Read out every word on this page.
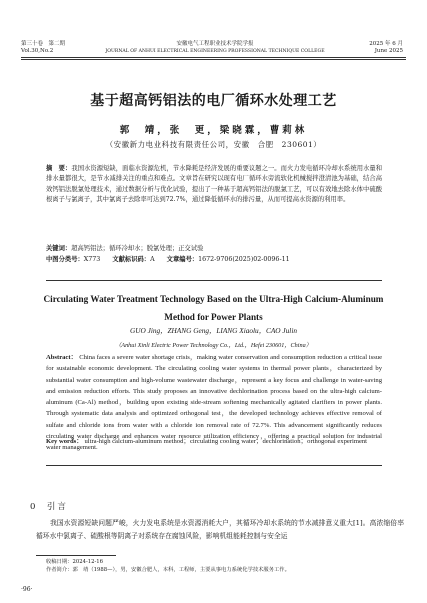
第三十卷　第二期
Vol.30,No.2
安徽电气工程职业技术学院学报
JOURNAL OF ANHUI ELECTRICAL ENGINEERING PROFESSIONAL TECHNIQUE COLLEGE
2025 年 6 月
June 2025
基于超高钙铝法的电厂循环水处理工艺
郭　靖，张　更，梁晓霖，曹莉林
（安徽新力电业科技有限责任公司，安徽　合肥　230601）
摘　要：我国水资源短缺，面临水资源危机，节水降耗是经济发展的重要议题之一。而火力发电循环冷却水系统用水量和排水量都很大，是节水减排关注的重点和难点。文章旨在研究以现有电厂循环水旁流软化机械搅拌澄清池为基础，结合高效钙铝法脱氯处理技术，通过数据分析与优化试验，提出了一种基于超高钙铝法的脱氯工艺，可以有效地去除水体中硫酸根离子与氯离子，其中氯离子去除率可达到72.7%，通过降低循环水的排污量，从而可提高水资源的利用率。
关键词：超高钙铝法；循环冷却水；脱氯处理；正交试验
中图分类号：X773 文献标识码：A 文章编号：1672-9706(2025)02-0096-11
Circulating Water Treatment Technology Based on the Ultra-High Calcium-Aluminum Method for Power Plants
GUO Jing，ZHANG Geng，LIANG Xiaolu，CAO Julin
（Anhui Xinli Electric Power Technology Co.，Ltd.，Hefei 230601，China）
Abstract： China faces a severe water shortage crisis，making water conservation and consumption reduction a critical issue for sustainable economic development. The circulating cooling water systems in thermal power plants，characterized by substantial water consumption and high-volume wastewater discharge，represent a key focus and challenge in water-saving and emission reduction efforts. This study proposes an innovative dechlorination process based on the ultra-high calcium-aluminum (Ca-Al) method，building upon existing side-stream softening mechanically agitated clarifiers in power plants. Through systematic data analysis and optimized orthogonal test，the developed technology achieves effective removal of sulfate and chloride ions from water with a chloride ion removal rate of 72.7%. This advancement significantly reduces circulating water discharge and enhances water resource utilization efficiency，offering a practical solution for industrial water management.
Key words： ultra-high calcium-aluminum method；circulating cooling water；dechlorination；orthogonal experiment
0 引言
我国水资源短缺问题严峻，火力发电系统是水资源消耗大户，其循环冷却水系统的节水减排意义重大[1]。高浓缩倍率循环水中氯离子、硫酸根等阴离子对系统存在腐蚀风险，影响机组能耗控制与安全运
收稿日期：2024-12-16
作者简介：郭　靖（1988—），男，安徽合肥人，本科，工程师，主要从事电力系统化学技术服务工作。
·96·
